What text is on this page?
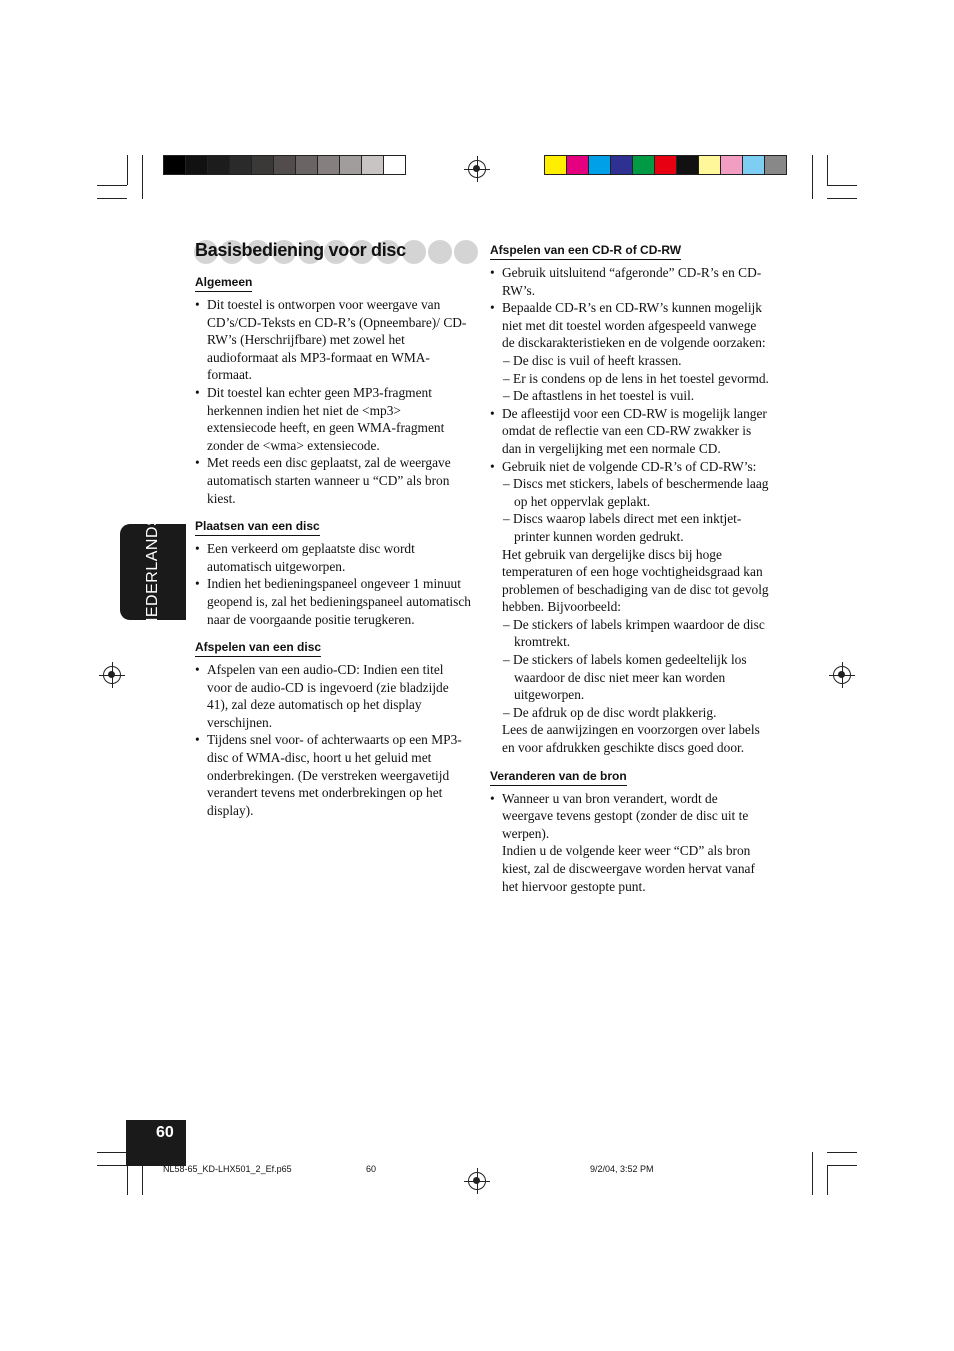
Basisbediening voor disc
NEDERLANDS
Algemeen
• Dit toestel is ontworpen voor weergave van CD’s/CD-Teksts en CD-R’s (Opneembare)/ CD-RW’s (Herschrijfbare) met zowel het audioformaat als MP3-formaat en WMA-formaat.
• Dit toestel kan echter geen MP3-fragment herkennen indien het niet de <mp3> extensiecode heeft, en geen WMA-fragment zonder de <wma> extensiecode.
• Met reeds een disc geplaatst, zal de weergave automatisch starten wanneer u “CD” als bron kiest.
Plaatsen van een disc
• Een verkeerd om geplaatste disc wordt automatisch uitgeworpen.
• Indien het bedieningspaneel ongeveer 1 minuut geopend is, zal het bedieningspaneel automatisch naar de voorgaande positie terugkeren.
Afspelen van een disc
• Afspelen van een audio-CD: Indien een titel voor de audio-CD is ingevoerd (zie bladzijde 41), zal deze automatisch op het display verschijnen.
• Tijdens snel voor- of achterwaarts op een MP3-disc of WMA-disc, hoort u het geluid met onderbrekingen. (De verstreken weergavetijd verandert tevens met onderbrekingen op het display).
Afspelen van een CD-R of CD-RW
• Gebruik uitsluitend “afgeronde” CD-R’s en CD-RW’s.
• Bepaalde CD-R’s en CD-RW’s kunnen mogelijk niet met dit toestel worden afgespeeld vanwege de disckarakteristieken en de volgende oorzaken:
– De disc is vuil of heeft krassen.
– Er is condens op de lens in het toestel gevormd.
– De aftastlens in het toestel is vuil.
• De afleestijd voor een CD-RW is mogelijk langer omdat de reflectie van een CD-RW zwakker is dan in vergelijking met een normale CD.
• Gebruik niet de volgende CD-R’s of CD-RW’s:
– Discs met stickers, labels of beschermende laag op het oppervlak geplakt.
– Discs waarop labels direct met een inktjet-printer kunnen worden gedrukt.
Het gebruik van dergelijke discs bij hoge temperaturen of een hoge vochtigheidsgraad kan problemen of beschadiging van de disc tot gevolg hebben. Bijvoorbeeld:
– De stickers of labels krimpen waardoor de disc kromtrekt.
– De stickers of labels komen gedeeltelijk los waardoor de disc niet meer kan worden uitgeworpen.
– De afdruk op de disc wordt plakkerig.
Lees de aanwijzingen en voorzorgen over labels en voor afdrukken geschikte discs goed door.
Veranderen van de bron
• Wanneer u van bron verandert, wordt de weergave tevens gestopt (zonder de disc uit te werpen).
Indien u de volgende keer weer “CD” als bron kiest, zal de discweergave worden hervat vanaf het hiervoor gestopte punt.
60
NL58-65_KD-LHX501_2_Ef.p65	60	9/2/04, 3:52 PM
